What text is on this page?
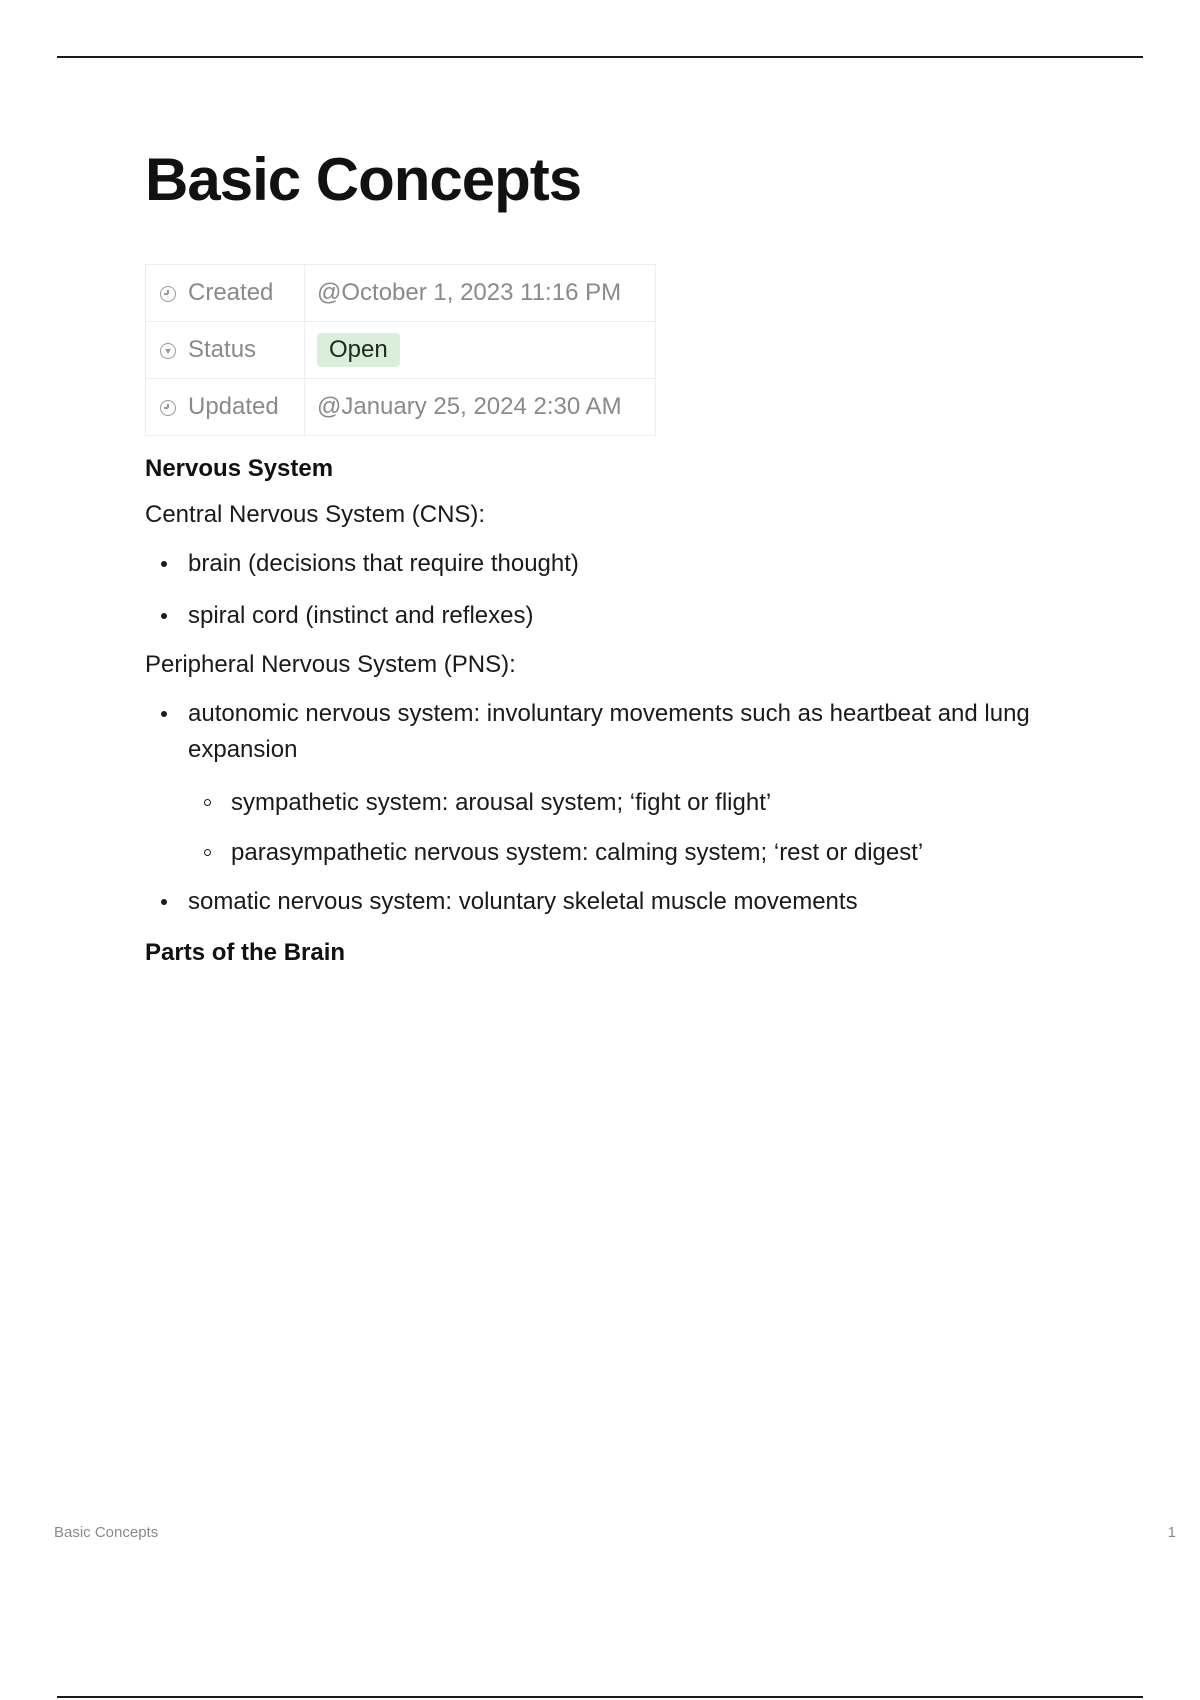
Basic Concepts
Created	@October 1, 2023 11:16 PM
Status	Open
Updated	@January 25, 2024 2:30 AM

Nervous System

Central Nervous System (CNS):

brain (decisions that require thought)
spiral cord (instinct and reflexes)

Peripheral Nervous System (PNS):

autonomic nervous system: involuntary movements such as heartbeat and lung expansion
sympathetic system: arousal system; ‘fight or flight’
parasympathetic nervous system: calming system; ‘rest or digest’
somatic nervous system: voluntary skeletal muscle movements

Parts of the Brain

Basic Concepts	1
